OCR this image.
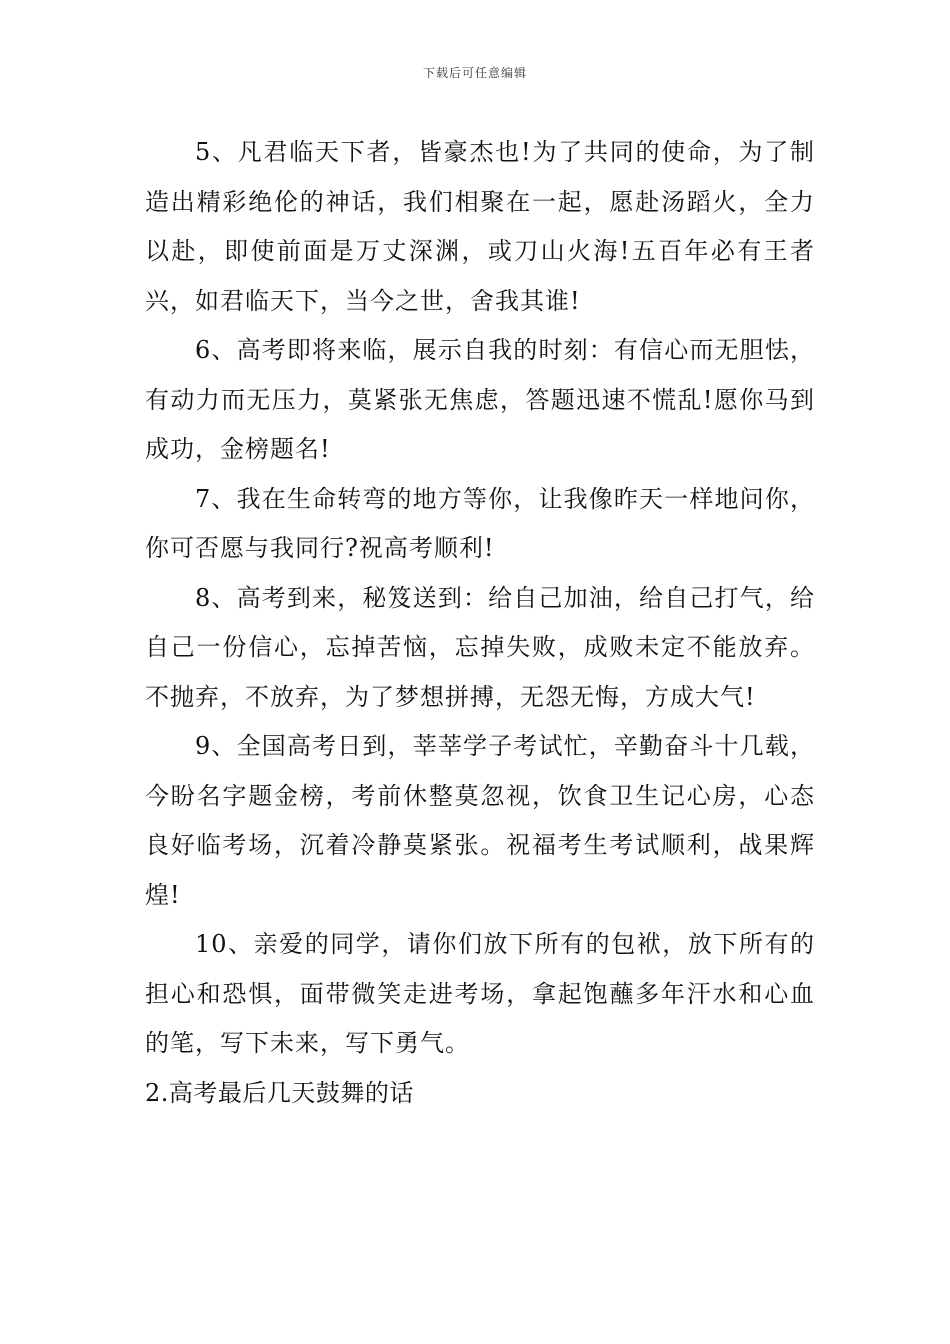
下载后可任意编辑

5、凡君临天下者，皆豪杰也!为了共同的使命，为了制造出精彩绝伦的神话，我们相聚在一起，愿赴汤蹈火，全力以赴，即使前面是万丈深渊，或刀山火海!五百年必有王者兴，如君临天下，当今之世，舍我其谁!

6、高考即将来临，展示自我的时刻：有信心而无胆怯，有动力而无压力，莫紧张无焦虑，答题迅速不慌乱!愿你马到成功，金榜题名!

7、我在生命转弯的地方等你，让我像昨天一样地问你，你可否愿与我同行?祝高考顺利!

8、高考到来，秘笈送到：给自己加油，给自己打气，给自己一份信心，忘掉苦恼，忘掉失败，成败未定不能放弃。不抛弃，不放弃，为了梦想拼搏，无怨无悔，方成大气!

9、全国高考日到，莘莘学子考试忙，辛勤奋斗十几载，今盼名字题金榜，考前休整莫忽视，饮食卫生记心房，心态良好临考场，沉着冷静莫紧张。祝福考生考试顺利，战果辉煌!

10、亲爱的同学，请你们放下所有的包袱，放下所有的担心和恐惧，面带微笑走进考场，拿起饱蘸多年汗水和心血的笔，写下未来，写下勇气。

2.高考最后几天鼓舞的话
